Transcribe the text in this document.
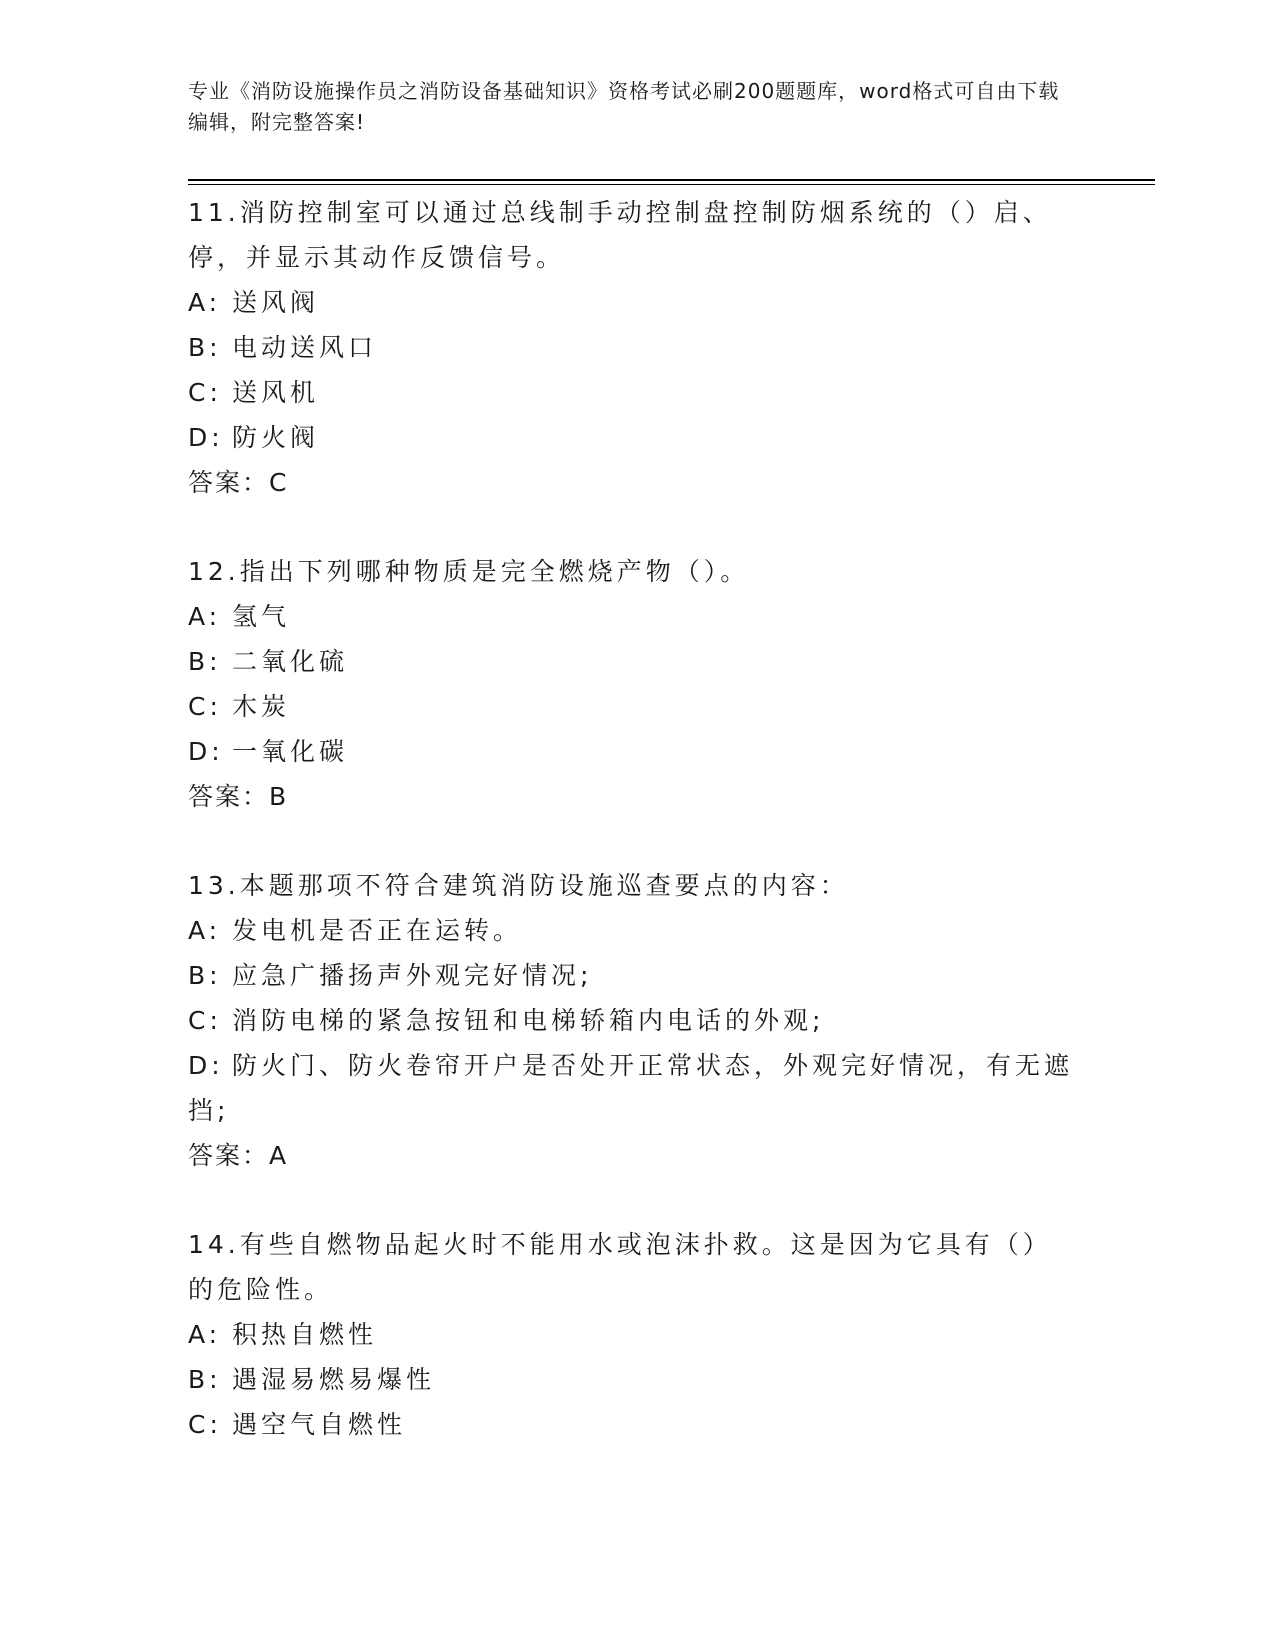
专业《消防设施操作员之消防设备基础知识》资格考试必刷200题题库，word格式可自由下载编辑，附完整答案!
11.消防控制室可以通过总线制手动控制盘控制防烟系统的（）启、停，并显示其动作反馈信号。
A: 送风阀
B: 电动送风口
C: 送风机
D: 防火阀
答案：C
12.指出下列哪种物质是完全燃烧产物（）。
A: 氢气
B: 二氧化硫
C: 木炭
D: 一氧化碳
答案：B
13.本题那项不符合建筑消防设施巡查要点的内容：
A: 发电机是否正在运转。
B: 应急广播扬声外观完好情况;
C: 消防电梯的紧急按钮和电梯轿箱内电话的外观;
D: 防火门、防火卷帘开户是否处开正常状态，外观完好情况，有无遮挡;
答案：A
14.有些自燃物品起火时不能用水或泡沫扑救。这是因为它具有（）的危险性。
A: 积热自燃性
B: 遇湿易燃易爆性
C: 遇空气自燃性
